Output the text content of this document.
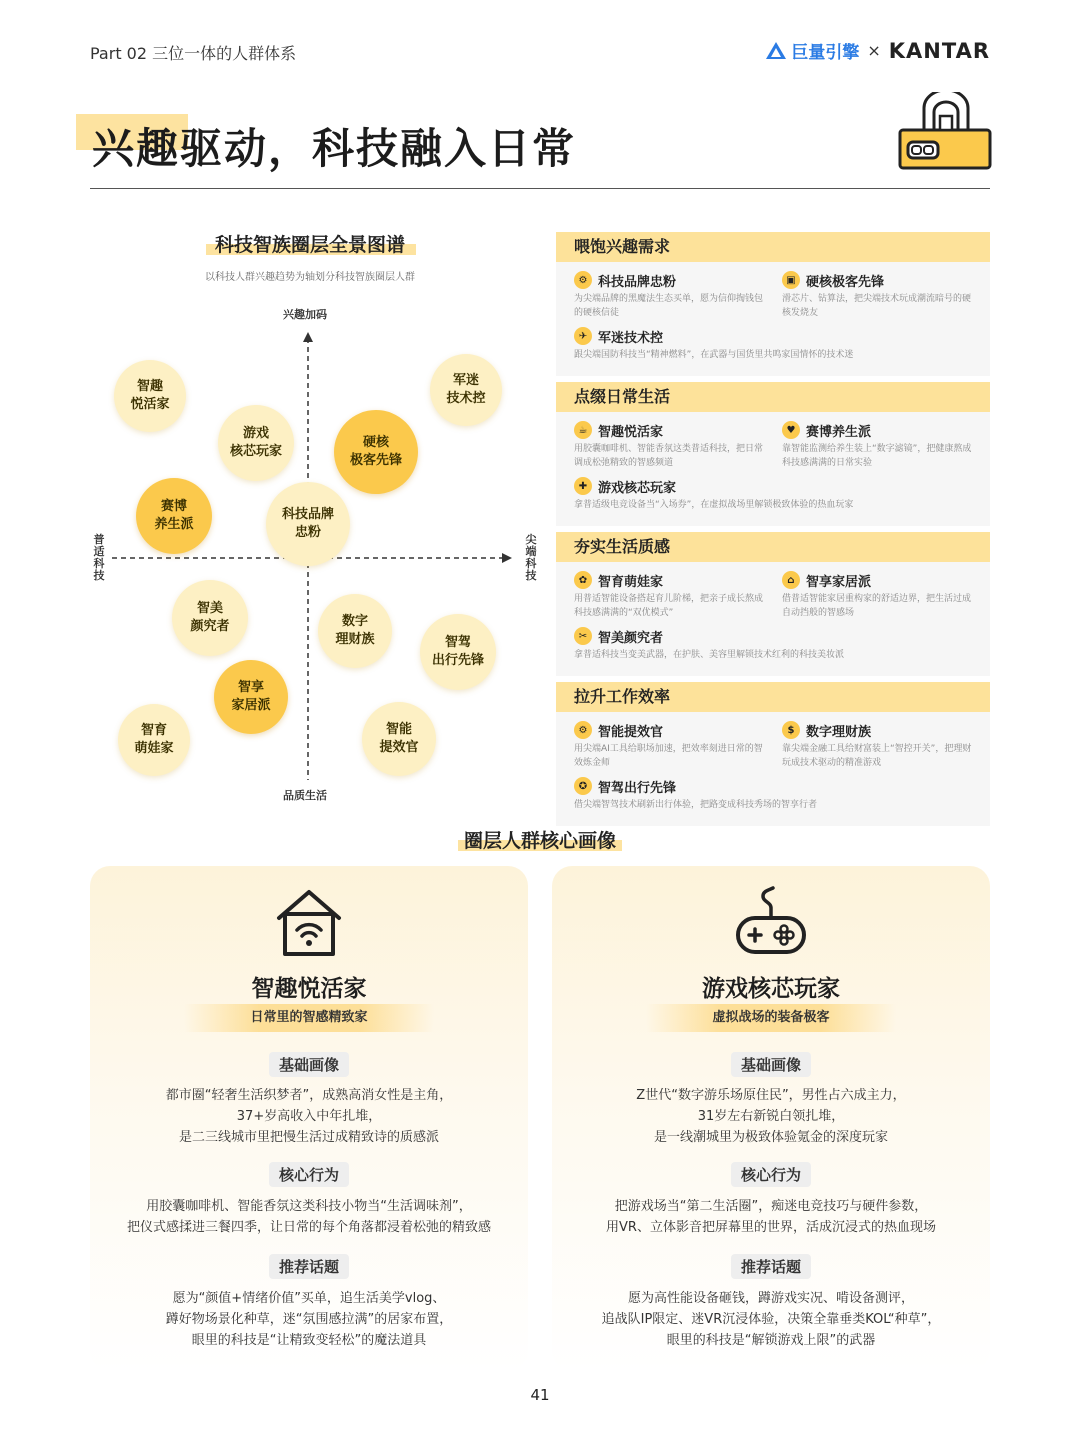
Part 02 三位一体的人群体系	巨量引擎 × KANTAR
兴趣驱动，科技融入日常
科技智族圈层全景图谱
以科技人群兴趣趋势为轴划分科技智族圈层人群
兴趣加码
品质生活
普
适
科
技
尖
端
科
技
智趣
悦活家
游戏
核芯玩家
硬核
极客先锋
军迷
技术控
赛博
养生派
科技品牌
忠粉
智美
颜究者	数字
理财族	智驾
出行先锋
智享
家居派
智育
萌娃家
智能
提效官
喂饱兴趣需求
⚙ 科技品牌忠粉
为尖端品牌的黑魔法生态买单，愿为信仰掏钱包的硬核信徒
▣ 硬核极客先锋
滑芯片、钻算法，把尖端技术玩成潮流暗号的硬核发烧友
✈ 军迷技术控
跟尖端国防科技当“精神燃料”，在武器与国货里共鸣家国情怀的技术迷
点缀日常生活
☕ 智趣悦活家
用胶囊咖啡机、智能香氛这类普适科技，把日常调成松弛精致的智感频道
♥ 赛博养生派
靠智能监测给养生装上“数字滤镜”，把健康熬成科技感满满的日常实验
✚ 游戏核芯玩家
拿普适级电竞设备当“入场券”，在虚拟战场里解锁极致体验的热血玩家
夯实生活质感
✿ 智育萌娃家
用普适智能设备搭起育儿阶梯，把亲子成长熬成科技感满满的“双优模式”
⌂ 智享家居派
借普适智能家居重构家的舒适边界，把生活过成自动挡般的智感场
✂ 智美颜究者
拿普适科技当变美武器，在护肤、美容里解锁技术红利的科技美妆派
拉升工作效率
⚙ 智能提效官
用尖端AI工具给职场加速，把效率刻进日常的智效炼金师
$ 数字理财族
靠尖端金融工具给财富装上“智控开关”，把理财玩成技术驱动的精准游戏
✪ 智驾出行先锋
借尖端智驾技术刷新出行体验，把路变成科技秀场的智享行者
圈层人群核心画像
智趣悦活家
日常里的智感精致家
基础画像
都市圈“轻奢生活织梦者”，成熟高消女性是主角，
37+岁高收入中年扎堆，
是二三线城市里把慢生活过成精致诗的质感派
核心行为
用胶囊咖啡机、智能香氛这类科技小物当“生活调味剂”，
把仪式感揉进三餐四季，让日常的每个角落都浸着松弛的精致感
推荐话题
愿为“颜值+情绪价值”买单，追生活美学vlog、
蹲好物场景化种草，迷“氛围感拉满”的居家布置，
眼里的科技是“让精致变轻松”的魔法道具
游戏核芯玩家
虚拟战场的装备极客
基础画像
Z世代“数字游乐场原住民”，男性占六成主力，
31岁左右新锐白领扎堆，
是一线潮城里为极致体验氪金的深度玩家
核心行为
把游戏场当“第二生活圈”，痴迷电竞技巧与硬件参数，
用VR、立体影音把屏幕里的世界，活成沉浸式的热血现场
推荐话题
愿为高性能设备砸钱，蹲游戏实况、啃设备测评，
追战队IP限定、迷VR沉浸体验，决策全靠垂类KOL“种草”，
眼里的科技是“解锁游戏上限”的武器
41
